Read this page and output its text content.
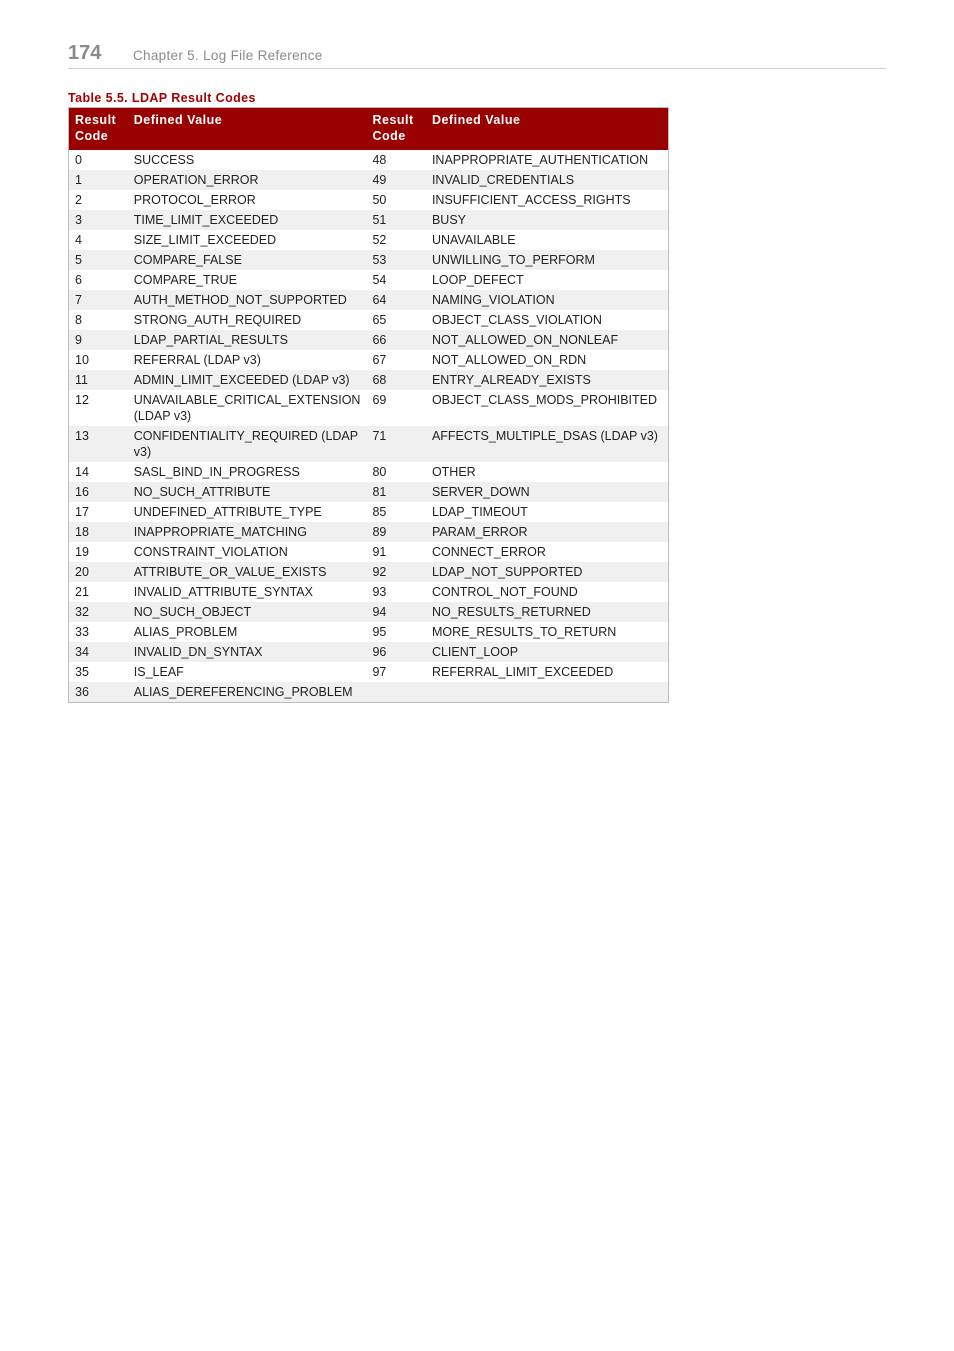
174 Chapter 5. Log File Reference
Table 5.5. LDAP Result Codes
Result Code	Defined Value	Result Code	Defined Value
0	SUCCESS	48	INAPPROPRIATE_AUTHENTICATION
1	OPERATION_ERROR	49	INVALID_CREDENTIALS
2	PROTOCOL_ERROR	50	INSUFFICIENT_ACCESS_RIGHTS
3	TIME_LIMIT_EXCEEDED	51	BUSY
4	SIZE_LIMIT_EXCEEDED	52	UNAVAILABLE
5	COMPARE_FALSE	53	UNWILLING_TO_PERFORM
6	COMPARE_TRUE	54	LOOP_DEFECT
7	AUTH_METHOD_NOT_SUPPORTED	64	NAMING_VIOLATION
8	STRONG_AUTH_REQUIRED	65	OBJECT_CLASS_VIOLATION
9	LDAP_PARTIAL_RESULTS	66	NOT_ALLOWED_ON_NONLEAF
10	REFERRAL (LDAP v3)	67	NOT_ALLOWED_ON_RDN
11	ADMIN_LIMIT_EXCEEDED (LDAP v3)	68	ENTRY_ALREADY_EXISTS
12	UNAVAILABLE_CRITICAL_EXTENSION (LDAP v3)	69	OBJECT_CLASS_MODS_PROHIBITED
13	CONFIDENTIALITY_REQUIRED (LDAP v3)	71	AFFECTS_MULTIPLE_DSAS (LDAP v3)
14	SASL_BIND_IN_PROGRESS	80	OTHER
16	NO_SUCH_ATTRIBUTE	81	SERVER_DOWN
17	UNDEFINED_ATTRIBUTE_TYPE	85	LDAP_TIMEOUT
18	INAPPROPRIATE_MATCHING	89	PARAM_ERROR
19	CONSTRAINT_VIOLATION	91	CONNECT_ERROR
20	ATTRIBUTE_OR_VALUE_EXISTS	92	LDAP_NOT_SUPPORTED
21	INVALID_ATTRIBUTE_SYNTAX	93	CONTROL_NOT_FOUND
32	NO_SUCH_OBJECT	94	NO_RESULTS_RETURNED
33	ALIAS_PROBLEM	95	MORE_RESULTS_TO_RETURN
34	INVALID_DN_SYNTAX	96	CLIENT_LOOP
35	IS_LEAF	97	REFERRAL_LIMIT_EXCEEDED
36	ALIAS_DEREFERENCING_PROBLEM		
